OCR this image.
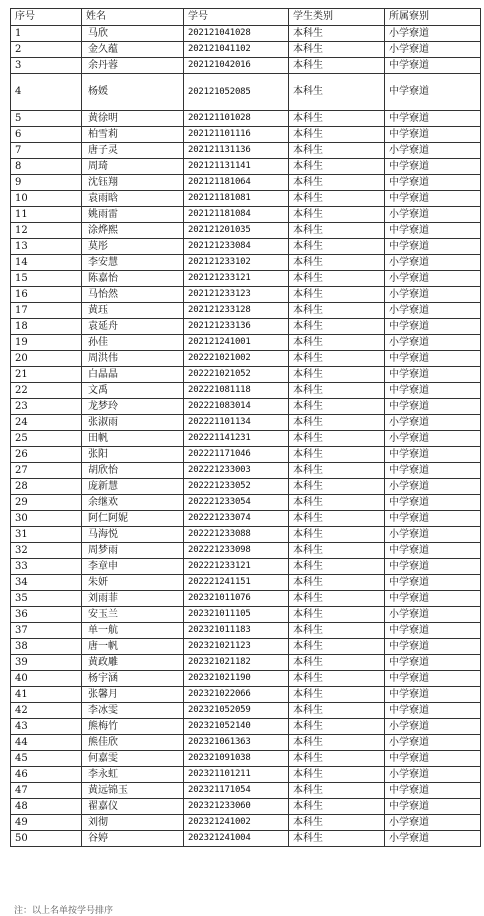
序号	姓名	学号	学生类别	所属寮别
1	马欣	202121041028	本科生	小学寮道
2	金久蕴	202121041102	本科生	小学寮道
3	余丹蓉	202121042016	本科生	中学寮道
4	杨媛	202121052085	本科生	中学寮道
5	黄徐明	202121101028	本科生	中学寮道
6	柏雪莉	202121101116	本科生	中学寮道
7	唐子灵	202121131136	本科生	小学寮道
8	周琦	202121131141	本科生	中学寮道
9	沈钰翔	202121181064	本科生	中学寮道
10	袁雨晗	202121181081	本科生	中学寮道
11	姚雨雷	202121181084	本科生	小学寮道
12	涂烨熙	202121201035	本科生	中学寮道
13	莫彤	202121233084	本科生	中学寮道
14	李安慧	202121233102	本科生	小学寮道
15	陈嘉怡	202121233121	本科生	小学寮道
16	马怡然	202121233123	本科生	小学寮道
17	黄珏	202121233128	本科生	小学寮道
18	袁延舟	202121233136	本科生	中学寮道
19	孙佳	202121241001	本科生	小学寮道
20	周洪伟	202221021002	本科生	中学寮道
21	白晶晶	202221021052	本科生	中学寮道
22	文禹	202221081118	本科生	中学寮道
23	龙梦玲	202221083014	本科生	中学寮道
24	张淑雨	202221101134	本科生	小学寮道
25	田帆	202221141231	本科生	小学寮道
26	张阳	202221171046	本科生	中学寮道
27	胡欣怡	202221233003	本科生	中学寮道
28	庞新慧	202221233052	本科生	小学寮道
29	余继欢	202221233054	本科生	中学寮道
30	阿仁阿妮	202221233074	本科生	中学寮道
31	马海悦	202221233088	本科生	小学寮道
32	周梦雨	202221233098	本科生	中学寮道
33	李章申	202221233121	本科生	中学寮道
34	朱妍	202221241151	本科生	中学寮道
35	刘雨菲	202321011076	本科生	中学寮道
36	安玉兰	202321011105	本科生	小学寮道
37	单一航	202321011183	本科生	中学寮道
38	唐一帆	202321021123	本科生	中学寮道
39	黄政雕	202321021182	本科生	中学寮道
40	杨宇涵	202321021190	本科生	中学寮道
41	张馨月	202321022066	本科生	中学寮道
42	李冰雯	202321052059	本科生	中学寮道
43	熊梅竹	202321052140	本科生	小学寮道
44	熊佳欣	202321061363	本科生	小学寮道
45	何嘉雯	202321091038	本科生	中学寮道
46	李永虹	202321101211	本科生	小学寮道
47	黄远锦玉	202321171054	本科生	中学寮道
48	翟嘉仪	202321233060	本科生	中学寮道
49	刘彻	202321241002	本科生	小学寮道
50	谷婷	202321241004	本科生	小学寮道
注：以上名单按学号排序
